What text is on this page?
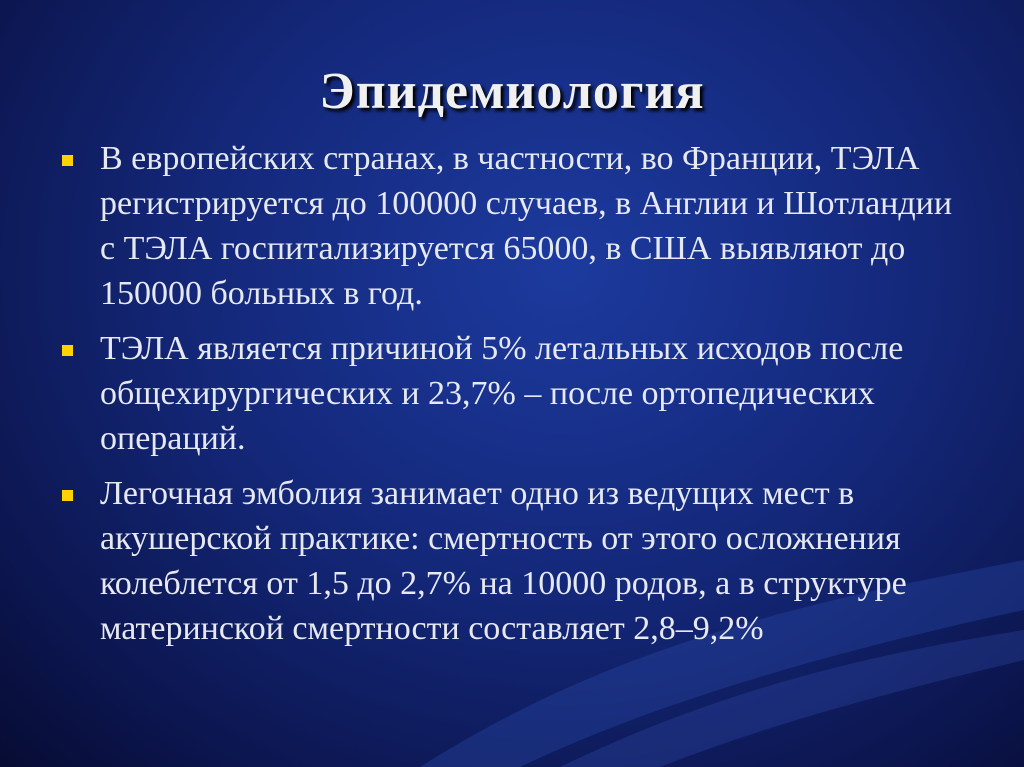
Эпидемиология
В европейских странах, в частности, во Франции, ТЭЛА регистрируется до 100000 случаев, в Англии и Шотландии с ТЭЛА госпитализируется 65000, в США выявляют до 150000 больных в год.
ТЭЛА является причиной 5% летальных исходов после общехирургических и 23,7% – после ортопедических операций.
Легочная эмболия занимает одно из ведущих мест в акушерской практике: смертность от этого осложнения колеблется от 1,5 до 2,7% на 10000 родов, а в структуре материнской смертности составляет 2,8–9,2%
